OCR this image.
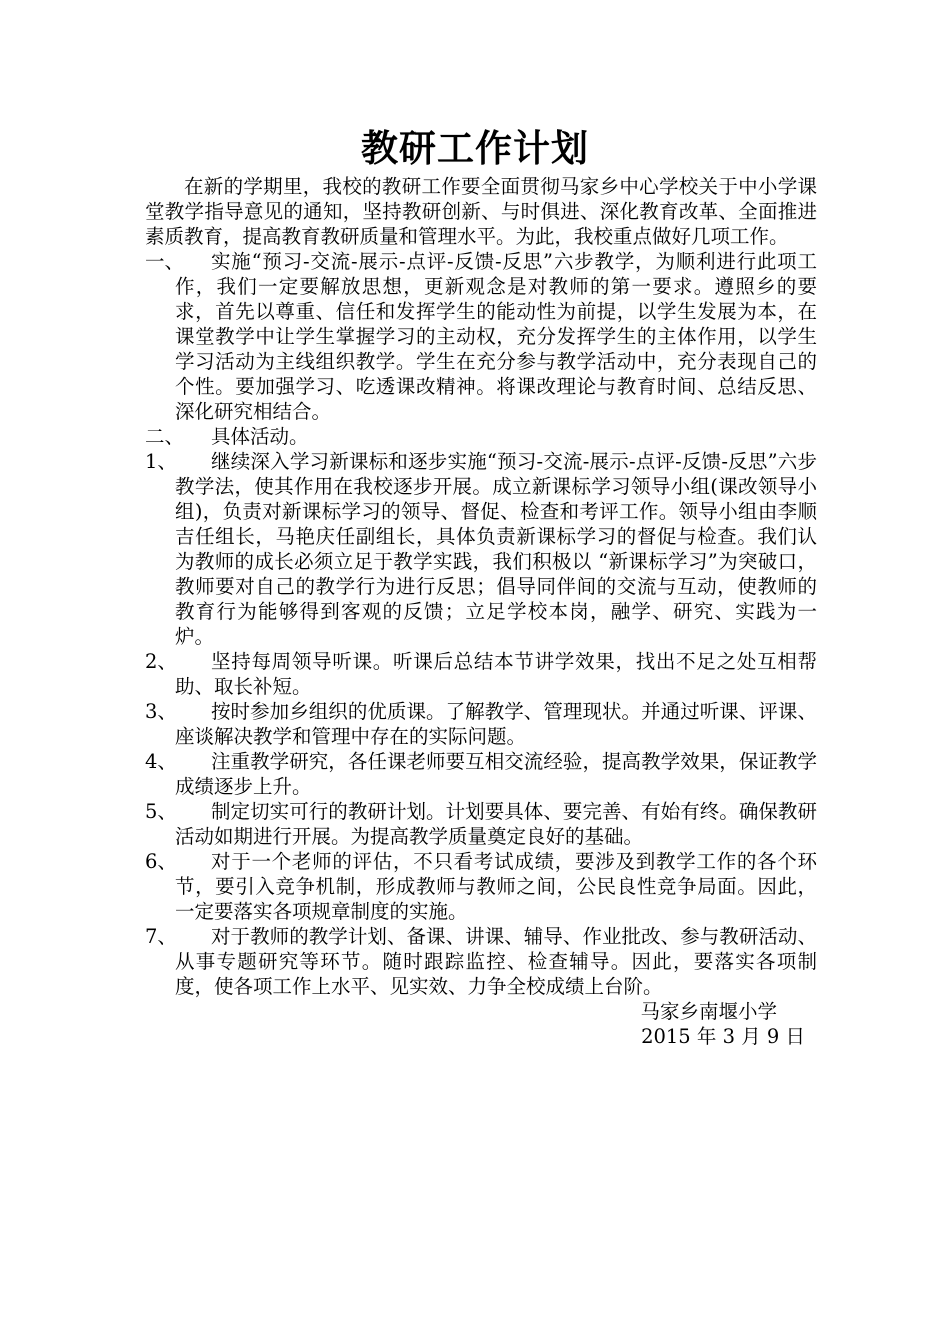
教研工作计划

在新的学期里，我校的教研工作要全面贯彻马家乡中心学校关于中小学课堂教学指导意见的通知，坚持教研创新、与时俱进、深化教育改革、全面推进素质教育，提高教育教研质量和管理水平。为此，我校重点做好几项工作。

一、	实施“预习-交流-展示-点评-反馈-反思”六步教学，为顺利进行此项工作，我们一定要解放思想，更新观念是对教师的第一要求。遵照乡的要求，首先以尊重、信任和发挥学生的能动性为前提，以学生发展为本，在课堂教学中让学生掌握学习的主动权，充分发挥学生的主体作用，以学生学习活动为主线组织教学。学生在充分参与教学活动中，充分表现自己的个性。要加强学习、吃透课改精神。将课改理论与教育时间、总结反思、深化研究相结合。
二、	具体活动。
1、	继续深入学习新课标和逐步实施“预习-交流-展示-点评-反馈-反思”六步教学法，使其作用在我校逐步开展。成立新课标学习领导小组(课改领导小组)，负责对新课标学习的领导、督促、检查和考评工作。领导小组由李顺吉任组长，马艳庆任副组长，具体负责新课标学习的督促与检查。我们认为教师的成长必须立足于教学实践，我们积极以 “新课标学习”为突破口，教师要对自己的教学行为进行反思；倡导同伴间的交流与互动，使教师的教育行为能够得到客观的反馈；立足学校本岗，融学、研究、实践为一炉。
2、	坚持每周领导听课。听课后总结本节讲学效果，找出不足之处互相帮助、取长补短。
3、	按时参加乡组织的优质课。了解教学、管理现状。并通过听课、评课、座谈解决教学和管理中存在的实际问题。
4、	注重教学研究，各任课老师要互相交流经验，提高教学效果，保证教学成绩逐步上升。
5、	制定切实可行的教研计划。计划要具体、要完善、有始有终。确保教研活动如期进行开展。为提高教学质量奠定良好的基础。
6、	对于一个老师的评估，不只看考试成绩，要涉及到教学工作的各个环节，要引入竞争机制，形成教师与教师之间，公民良性竞争局面。因此，一定要落实各项规章制度的实施。
7、	对于教师的教学计划、备课、讲课、辅导、作业批改、参与教研活动、从事专题研究等环节。随时跟踪监控、检查辅导。因此，要落实各项制度，使各项工作上水平、见实效、力争全校成绩上台阶。

马家乡南堰小学

2015 年 3 月 9 日
